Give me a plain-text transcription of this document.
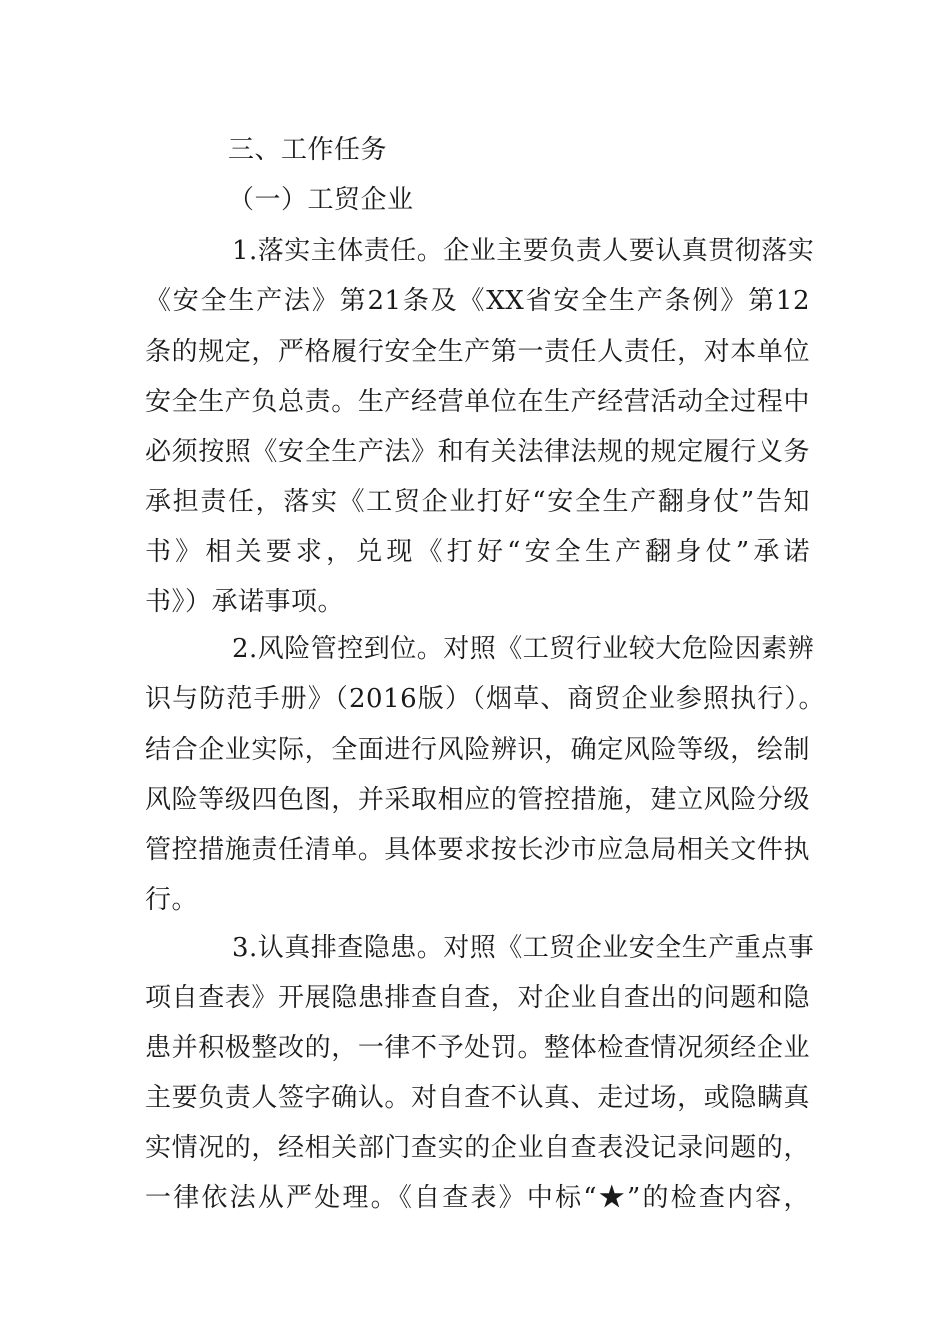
三、工作任务
（一）工贸企业
1.落实主体责任。企业主要负责人要认真贯彻落实
《安全生产法》第21条及《XX省安全生产条例》第12
条的规定，严格履行安全生产第一责任人责任，对本单位
安全生产负总责。生产经营单位在生产经营活动全过程中
必须按照《安全生产法》和有关法律法规的规定履行义务
承担责任，落实《工贸企业打好“安全生产翻身仗”告知
书》相关要求，兑现《打好“安全生产翻身仗”承诺
书》）承诺事项。
2.风险管控到位。对照《工贸行业较大危险因素辨
识与防范手册》（2016版）（烟草、商贸企业参照执行）。
结合企业实际，全面进行风险辨识，确定风险等级，绘制
风险等级四色图，并采取相应的管控措施，建立风险分级
管控措施责任清单。具体要求按长沙市应急局相关文件执
行。
3.认真排查隐患。对照《工贸企业安全生产重点事
项自查表》开展隐患排查自查，对企业自查出的问题和隐
患并积极整改的，一律不予处罚。整体检查情况须经企业
主要负责人签字确认。对自查不认真、走过场，或隐瞒真
实情况的，经相关部门查实的企业自查表没记录问题的，
一律依法从严处理。《自查表》中标“★”的检查内容，
